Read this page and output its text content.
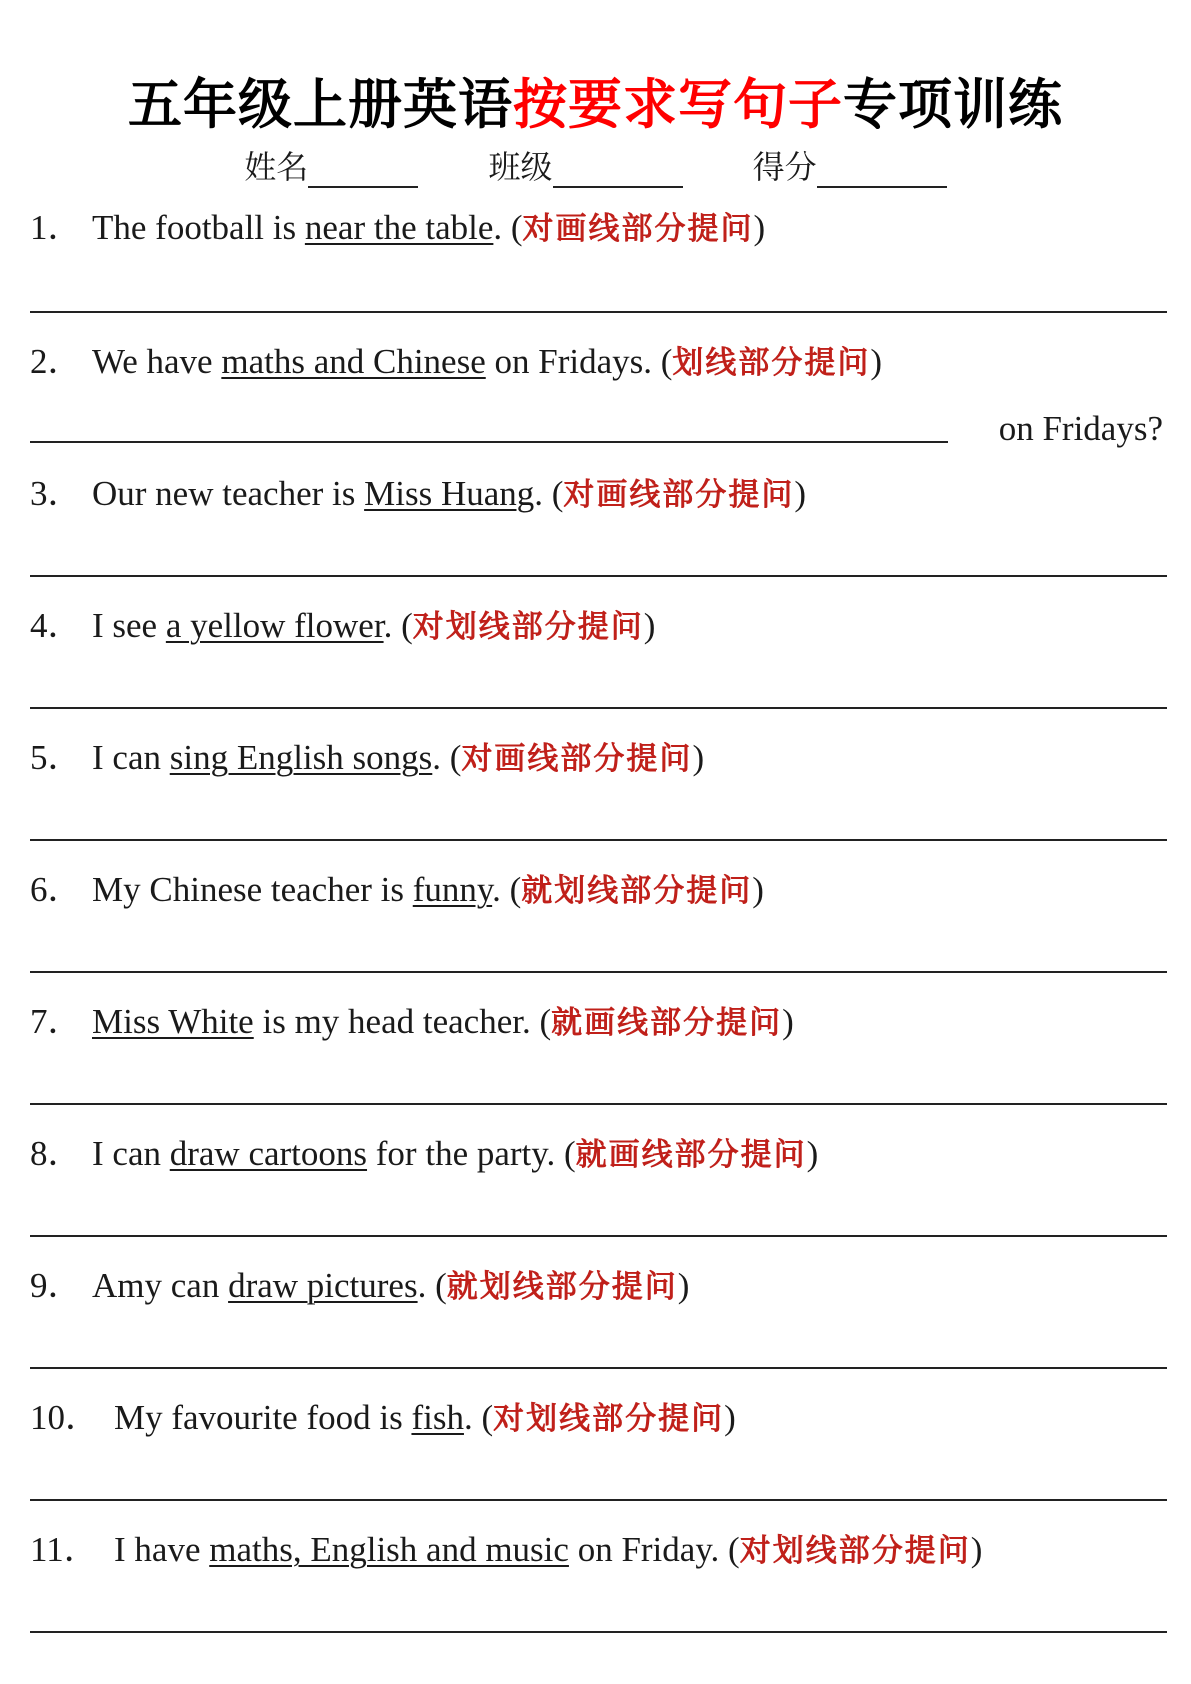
五年级上册英语按要求写句子专项训练
姓名	班级	得分
1． The football is near the table. (对画线部分提问)
2． We have maths and Chinese on Fridays. (划线部分提问)
on Fridays?
3． Our new teacher is Miss Huang. (对画线部分提问)
4． I see a yellow flower. (对划线部分提问)
5． I can sing English songs. (对画线部分提问)
6． My Chinese teacher is funny. (就划线部分提问)
7． Miss White is my head teacher. (就画线部分提问)
8． I can draw cartoons for the party. (就画线部分提问)
9． Amy can draw pictures. (就划线部分提问)
10． My favourite food is fish. (对划线部分提问)
11． I have maths, English and music on Friday. (对划线部分提问)
